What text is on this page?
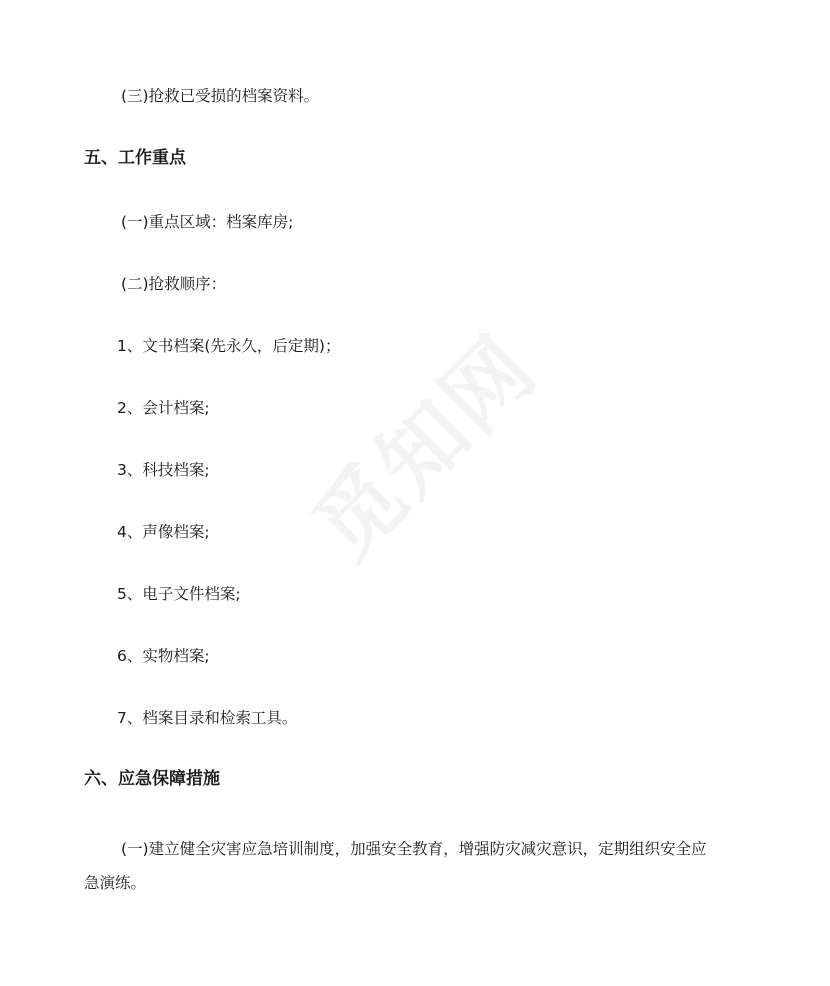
(三)抢救已受损的档案资料。
五、工作重点
(一)重点区域：档案库房;
(二)抢救顺序：
1、文书档案(先永久，后定期)；
2、会计档案;
3、科技档案;
4、声像档案;
5、电子文件档案;
6、实物档案;
7、档案目录和检索工具。
六、应急保障措施
(一)建立健全灾害应急培训制度，加强安全教育，增强防灾减灾意识，定期组织安全应
急演练。
